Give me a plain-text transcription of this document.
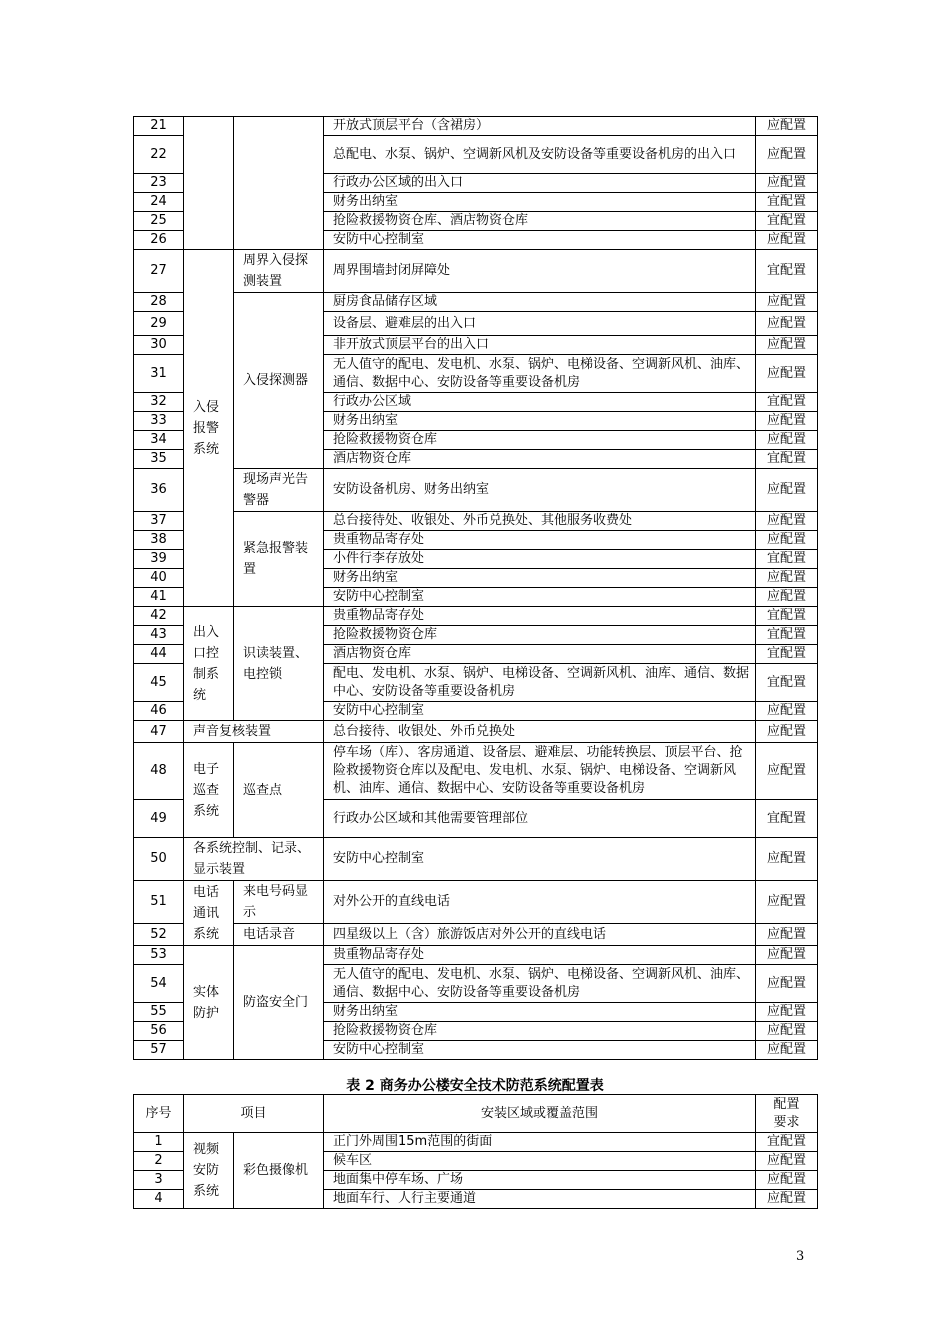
21			开放式顶层平台（含裙房）	应配置
22			总配电、水泵、锅炉、空调新风机及安防设备等重要设备机房的出入口	应配置
23			行政办公区域的出入口	应配置
24			财务出纳室	宜配置
25			抢险救援物资仓库、酒店物资仓库	宜配置
26			安防中心控制室	应配置
27	入侵报警系统	周界入侵探测装置	周界围墙封闭屏障处	宜配置
28		入侵探测器	厨房食品储存区域	应配置
29			设备层、避难层的出入口	应配置
30			非开放式顶层平台的出入口	应配置
31			无人值守的配电、发电机、水泵、锅炉、电梯设备、空调新风机、油库、通信、数据中心、安防设备等重要设备机房	应配置
32			行政办公区域	宜配置
33			财务出纳室	应配置
34			抢险救援物资仓库	应配置
35			酒店物资仓库	宜配置
36		现场声光告警器	安防设备机房、财务出纳室	应配置
37		紧急报警装置	总台接待处、收银处、外币兑换处、其他服务收费处	应配置
38			贵重物品寄存处	应配置
39			小件行李存放处	宜配置
40			财务出纳室	应配置
41			安防中心控制室	应配置
42	出入口控制系统	识读装置、电控锁	贵重物品寄存处	宜配置
43			抢险救援物资仓库	宜配置
44			酒店物资仓库	宜配置
45			配电、发电机、水泵、锅炉、电梯设备、空调新风机、油库、通信、数据中心、安防设备等重要设备机房	宜配置
46			安防中心控制室	应配置
47	声音复核装置		总台接待、收银处、外币兑换处	应配置
48	电子巡查系统	巡查点	停车场（库）、客房通道、设备层、避难层、功能转换层、顶层平台、抢险救援物资仓库以及配电、发电机、水泵、锅炉、电梯设备、空调新风机、油库、通信、数据中心、安防设备等重要设备机房	应配置
49			行政办公区域和其他需要管理部位	宜配置
50	各系统控制、记录、显示装置		安防中心控制室	应配置
51	电话通讯系统	来电号码显示	对外公开的直线电话	应配置
52		电话录音	四星级以上（含）旅游饭店对外公开的直线电话	应配置
53	实体防护	防盗安全门	贵重物品寄存处	应配置
54			无人值守的配电、发电机、水泵、锅炉、电梯设备、空调新风机、油库、通信、数据中心、安防设备等重要设备机房	应配置
55			财务出纳室	应配置
56			抢险救援物资仓库	应配置
57			安防中心控制室	应配置
表 2 商务办公楼安全技术防范系统配置表
序号	项目		安装区域或覆盖范围	配置要求
1	视频安防系统	彩色摄像机	正门外周围15m范围的街面	宜配置
2			候车区	应配置
3			地面集中停车场、广场	应配置
4			地面车行、人行主要通道	应配置
3
